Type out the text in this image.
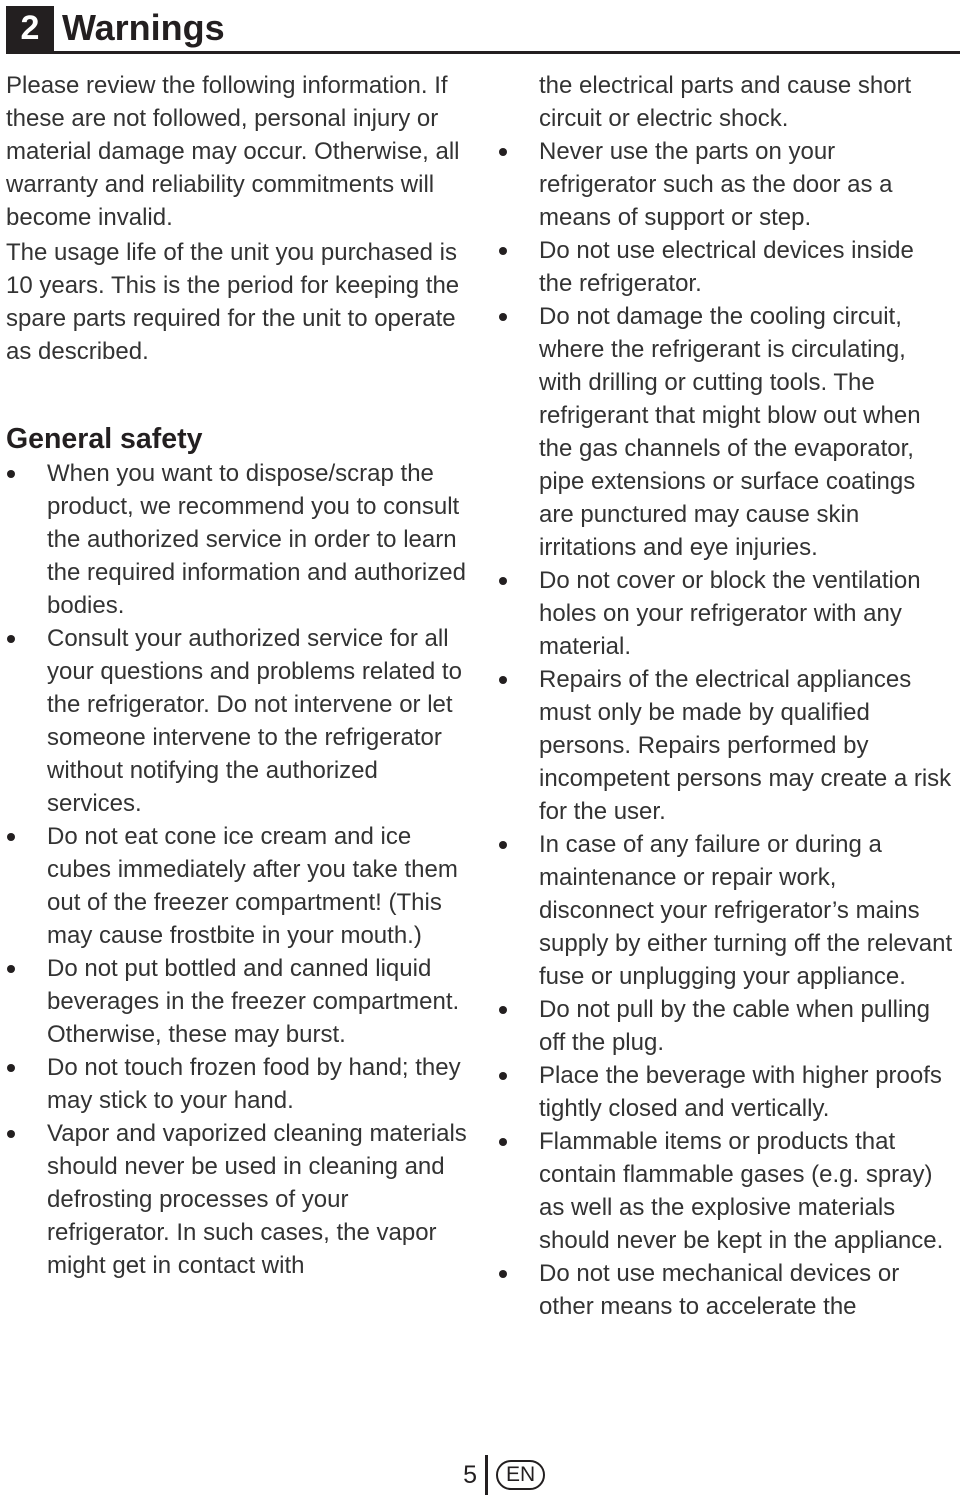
2 Warnings

Please review the following information. If these are not followed, personal injury or material damage may occur. Otherwise, all warranty and reliability commitments will become invalid.

The usage life of the unit you purchased is 10 years. This is the period for keeping the spare parts required for the unit to operate as described.

General safety
When you want to dispose/scrap the product, we recommend you to consult the authorized service in order to learn the required information and authorized bodies.
Consult your authorized service for all your questions and problems related to the refrigerator. Do not intervene or let someone intervene to the refrigerator without notifying the authorized services.
Do not eat cone ice cream and ice cubes immediately after you take them out of the freezer compartment! (This may cause frostbite in your mouth.)
Do not put bottled and canned liquid beverages in the freezer compartment. Otherwise, these may burst.
Do not touch frozen food by hand; they may stick to your hand.
Vapor and vaporized cleaning materials should never be used in cleaning and defrosting processes of your refrigerator. In such cases, the vapor might get in contact with
the electrical parts and cause short circuit or electric shock.
Never use the parts on your refrigerator such as the door as a means of support or step.
Do not use electrical devices inside the refrigerator.
Do not damage the cooling circuit, where the refrigerant is circulating, with drilling or cutting tools. The refrigerant that might blow out when the gas channels of the evaporator, pipe extensions or surface coatings are punctured may cause skin irritations and eye injuries.
Do not cover or block the ventilation holes on your refrigerator with any material.
Repairs of the electrical appliances must only be made by qualified persons. Repairs performed by incompetent persons may create a risk for the user.
In case of any failure or during a maintenance or repair work, disconnect your refrigerator’s mains supply by either turning off the relevant fuse or unplugging your appliance.
Do not pull by the cable when pulling off the plug.
Place the beverage with higher proofs tightly closed and vertically.
Flammable items or products that contain flammable gases (e.g. spray) as well as the explosive materials should never be kept in the appliance.
Do not use mechanical devices or other means to accelerate the
5	EN
